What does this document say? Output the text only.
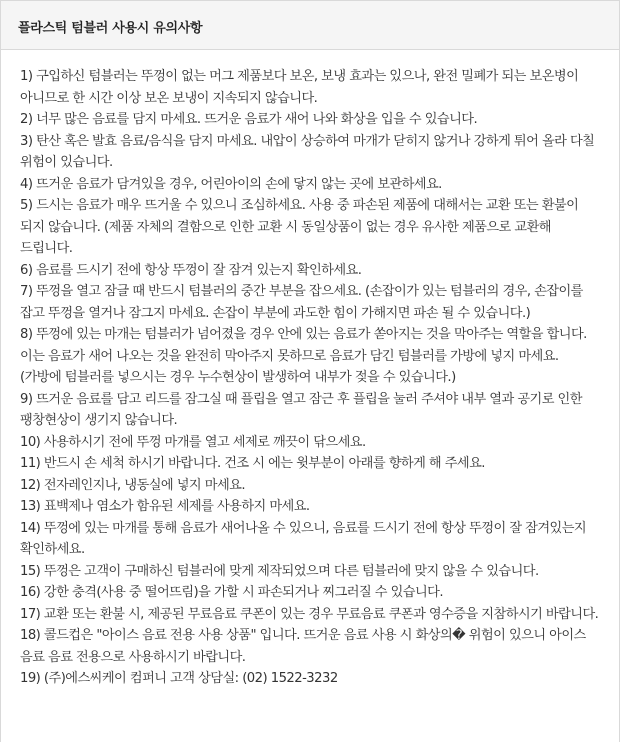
플라스틱 텀블러 사용시 유의사항
1) 구입하신 텀블러는 뚜껑이 없는 머그 제품보다 보온, 보냉 효과는 있으나, 완전 밀폐가 되는 보온병이 아니므로 한 시간 이상 보온 보냉이 지속되지 않습니다.
2) 너무 많은 음료를 담지 마세요. 뜨거운 음료가 새어 나와 화상을 입을 수 있습니다.
3) 탄산 혹은 발효 음료/음식을 담지 마세요. 내압이 상승하여 마개가 닫히지 않거나 강하게 튀어 올라 다칠 위험이 있습니다.
4) 뜨거운 음료가 담겨있을 경우, 어린아이의 손에 닿지 않는 곳에 보관하세요.
5) 드시는 음료가 매우 뜨거울 수 있으니 조심하세요. 사용 중 파손된 제품에 대해서는 교환 또는 환불이 되지 않습니다. (제품 자체의 결함으로 인한 교환 시 동일상품이 없는 경우 유사한 제품으로 교환해 드립니다.
6) 음료를 드시기 전에 항상 뚜껑이 잘 잠겨 있는지 확인하세요.
7) 뚜껑을 열고 잠글 때 반드시 텀블러의 중간 부분을 잡으세요. (손잡이가 있는 텀블러의 경우, 손잡이를 잡고 뚜껑을 열거나 잠그지 마세요. 손잡이 부분에 과도한 힘이 가해지면 파손 될 수 있습니다.)
8) 뚜껑에 있는 마개는 텀블러가 넘어졌을 경우 안에 있는 음료가 쏟아지는 것을 막아주는 역할을 합니다. 이는 음료가 새어 나오는 것을 완전히 막아주지 못하므로 음료가 담긴 텀블러를 가방에 넣지 마세요. (가방에 텀블러를 넣으시는 경우 누수현상이 발생하여 내부가 젖을 수 있습니다.)
9) 뜨거운 음료를 담고 리드를 잠그실 때 플립을 열고 잠근 후 플립을 눌러 주셔야 내부 열과 공기로 인한 팽창현상이 생기지 않습니다.
10) 사용하시기 전에 뚜껑 마개를 열고 세제로 깨끗이 닦으세요.
11) 반드시 손 세척 하시기 바랍니다. 건조 시 에는 윗부분이 아래를 향하게 해 주세요.
12) 전자레인지나, 냉동실에 넣지 마세요.
13) 표백제나 염소가 함유된 세제를 사용하지 마세요.
14) 뚜껑에 있는 마개를 통해 음료가 새어나올 수 있으니, 음료를 드시기 전에 항상 뚜껑이 잘 잠겨있는지 확인하세요.
15) 뚜껑은 고객이 구매하신 텀블러에 맞게 제작되었으며 다른 텀블러에 맞지 않을 수 있습니다.
16) 강한 충격(사용 중 떨어뜨림)을 가할 시 파손되거나 찌그러질 수 있습니다.
17) 교환 또는 환불 시, 제공된 무료음료 쿠폰이 있는 경우 무료음료 쿠폰과 영수증을 지참하시기 바랍니다.
18) 콜드컵은 "아이스 음료 전용 사용 상품" 입니다. 뜨거운 음료 사용 시 화상의� 위험이 있으니 아이스 음료 음료 전용으로 사용하시기 바랍니다.
19) (주)에스씨케이 컴퍼니 고객 상담실: (02) 1522-3232
